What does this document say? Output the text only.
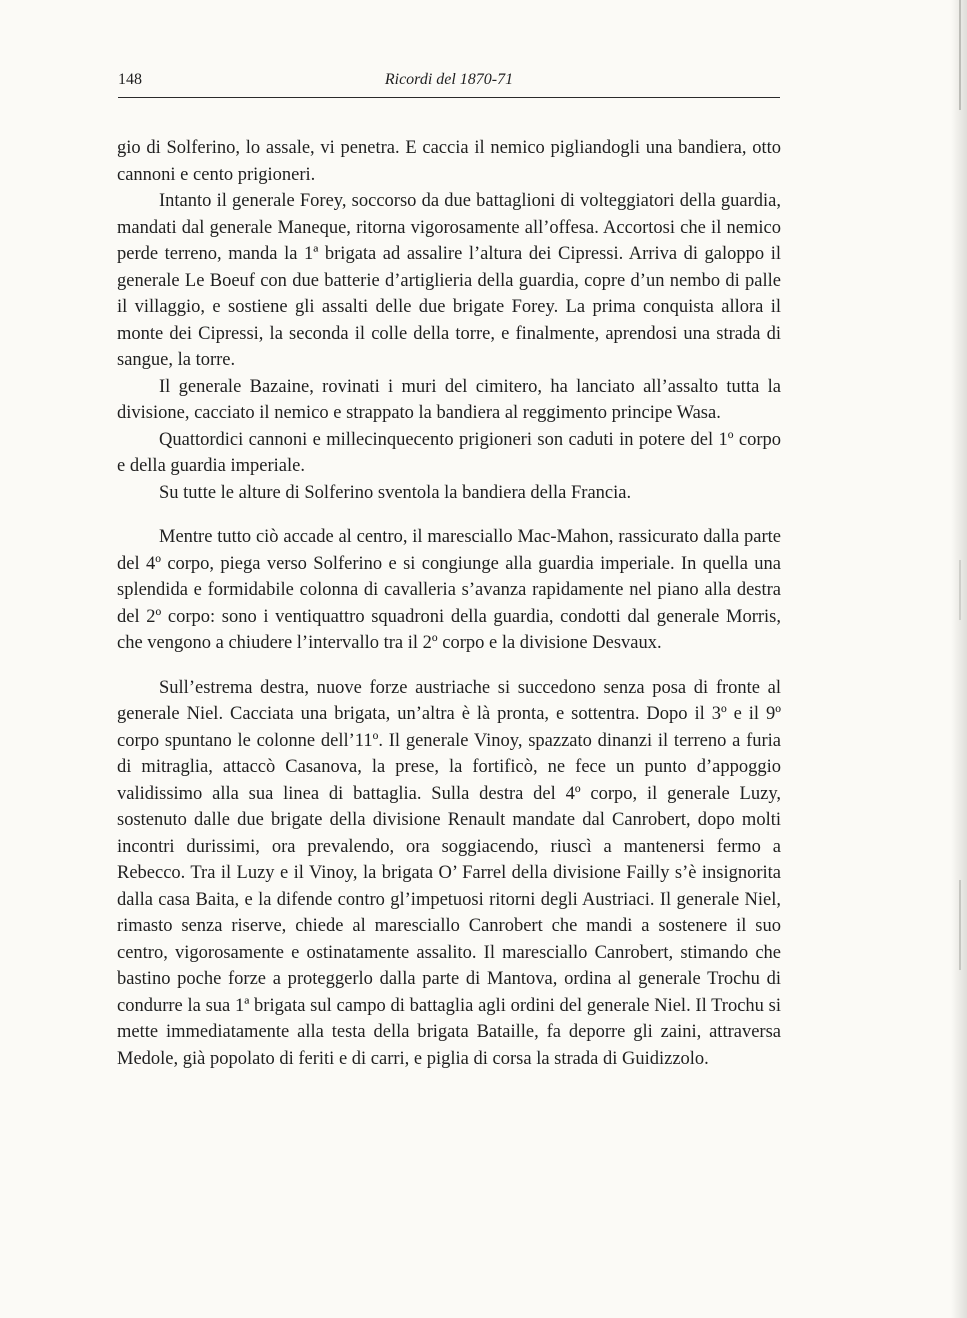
148	Ricordi del 1870-71

gio di Solferino, lo assale, vi penetra. E caccia il nemico pigliandogli una bandiera, otto cannoni e cento prigioneri.

Intanto il generale Forey, soccorso da due battaglioni di volteggiatori della guardia, mandati dal generale Maneque, ritorna vigorosamente all’offesa. Accortosi che il nemico perde terreno, manda la 1ª brigata ad assalire l’altura dei Cipressi. Arriva di galoppo il generale Le Boeuf con due batterie d’artiglieria della guardia, copre d’un nembo di palle il villaggio, e sostiene gli assalti delle due brigate Forey. La prima conquista allora il monte dei Cipressi, la seconda il colle della torre, e finalmente, aprendosi una strada di sangue, la torre.

Il generale Bazaine, rovinati i muri del cimitero, ha lanciato all’assalto tutta la divisione, cacciato il nemico e strappato la bandiera al reggimento principe Wasa.

Quattordici cannoni e millecinquecento prigioneri son caduti in potere del 1º corpo e della guardia imperiale.

Su tutte le alture di Solferino sventola la bandiera della Francia.

Mentre tutto ciò accade al centro, il maresciallo Mac-Mahon, rassicurato dalla parte del 4º corpo, piega verso Solferino e si congiunge alla guardia imperiale. In quella una splendida e formidabile colonna di cavalleria s’avanza rapidamente nel piano alla destra del 2º corpo: sono i ventiquattro squadroni della guardia, condotti dal generale Morris, che vengono a chiudere l’intervallo tra il 2º corpo e la divisione Desvaux.

Sull’estrema destra, nuove forze austriache si succedono senza posa di fronte al generale Niel. Cacciata una brigata, un’altra è là pronta, e sottentra. Dopo il 3º e il 9º corpo spuntano le colonne dell’11º. Il generale Vinoy, spazzato dinanzi il terreno a furia di mitraglia, attaccò Casanova, la prese, la fortificò, ne fece un punto d’appoggio validissimo alla sua linea di battaglia. Sulla destra del 4º corpo, il generale Luzy, sostenuto dalle due brigate della divisione Renault mandate dal Canrobert, dopo molti incontri durissimi, ora prevalendo, ora soggiacendo, riuscì a mantenersi fermo a Rebecco. Tra il Luzy e il Vinoy, la brigata O’ Farrel della divisione Failly s’è insignorita dalla casa Baita, e la difende contro gl’impetuosi ritorni degli Austriaci. Il generale Niel, rimasto senza riserve, chiede al maresciallo Canrobert che mandi a sostenere il suo centro, vigorosamente e ostinatamente assalito. Il maresciallo Canrobert, stimando che bastino poche forze a proteggerlo dalla parte di Mantova, ordina al generale Trochu di condurre la sua 1ª brigata sul campo di battaglia agli ordini del generale Niel. Il Trochu si mette immediatamente alla testa della brigata Bataille, fa deporre gli zaini, attraversa Medole, già popolato di feriti e di carri, e piglia di corsa la strada di Guidizzolo.
